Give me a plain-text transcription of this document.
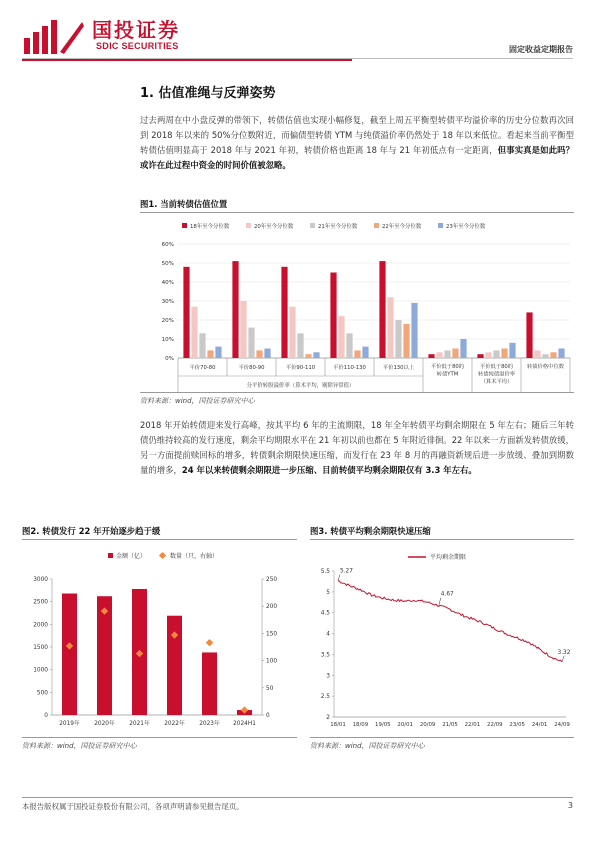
国投证券
SDIC SECURITIES	固定收益定期报告
1. 估值准绳与反弹姿势
过去两周在中小盘反弹的带领下，转债估值也实现小幅修复，截至上周五平衡型转债平均溢价率的历史分位数再次回到 2018 年以来的 50%分位数附近，而偏债型转债 YTM 与纯债溢价率仍然处于 18 年以来低位。看起来当前平衡型转债估值明显高于 2018 年与 2021 年初，转债价格也距离 18 年与 21 年初低点有一定距离，但事实真是如此吗？或许在此过程中资金的时间价值被忽略。
图1. 当前转债估值位置
18年至今分位数	20年至今分位数	21年至今分位数	22年至今分位数	23年至今分位数
0%
10%
20%
30%
40%
50%
60%
平价70-80	平价80-90	平价90-110	平价110-130	平价130以上	平价低于80的
转债YTM
平价低于80的
转债纯债溢价率
（算术平均）
转债价格中位数
分平价转股溢价率（算术平均，剔除异常值）
资料来源：wind，国投证券研究中心
2018 年开始转债迎来发行高峰，按其平均 6 年的主流期限，18 年全年转债平均剩余期限在 5 年左右；随后三年转债仍维持较高的发行速度，剩余平均期限水平在 21 年初以前也都在 5 年附近徘徊。22 年以来一方面新发转债放缓，另一方面提前赎回标的增多，转债剩余期限快速压缩，而发行在 23 年 8 月的再融资新规后进一步放缓、叠加到期数量的增多，24 年以来转债剩余期限进一步压缩、目前转债平均剩余期限仅有 3.3 年左右。
图2. 转债发行 22 年开始逐步趋于缓
金额（亿）	数量（只，右轴）
0
500
1000
1500
2000
2500
3000
0
50
100
150
200
250
2019年 2020年 2021年 2022年 2023年 2024H1
资料来源：wind，国投证券研究中心
图3. 转债平均剩余期限快速压缩
平均剩余期限
2
2.5
3
3.5
4
4.5
5
5.5 5.27
4.67
3.32
18/01 18/09 19/05 20/01 20/09 21/05 22/01 22/09 23/05 24/01 24/09
资料来源：wind，国投证券研究中心
本报告版权属于国投证券股份有限公司，各项声明请参见报告尾页。	3
